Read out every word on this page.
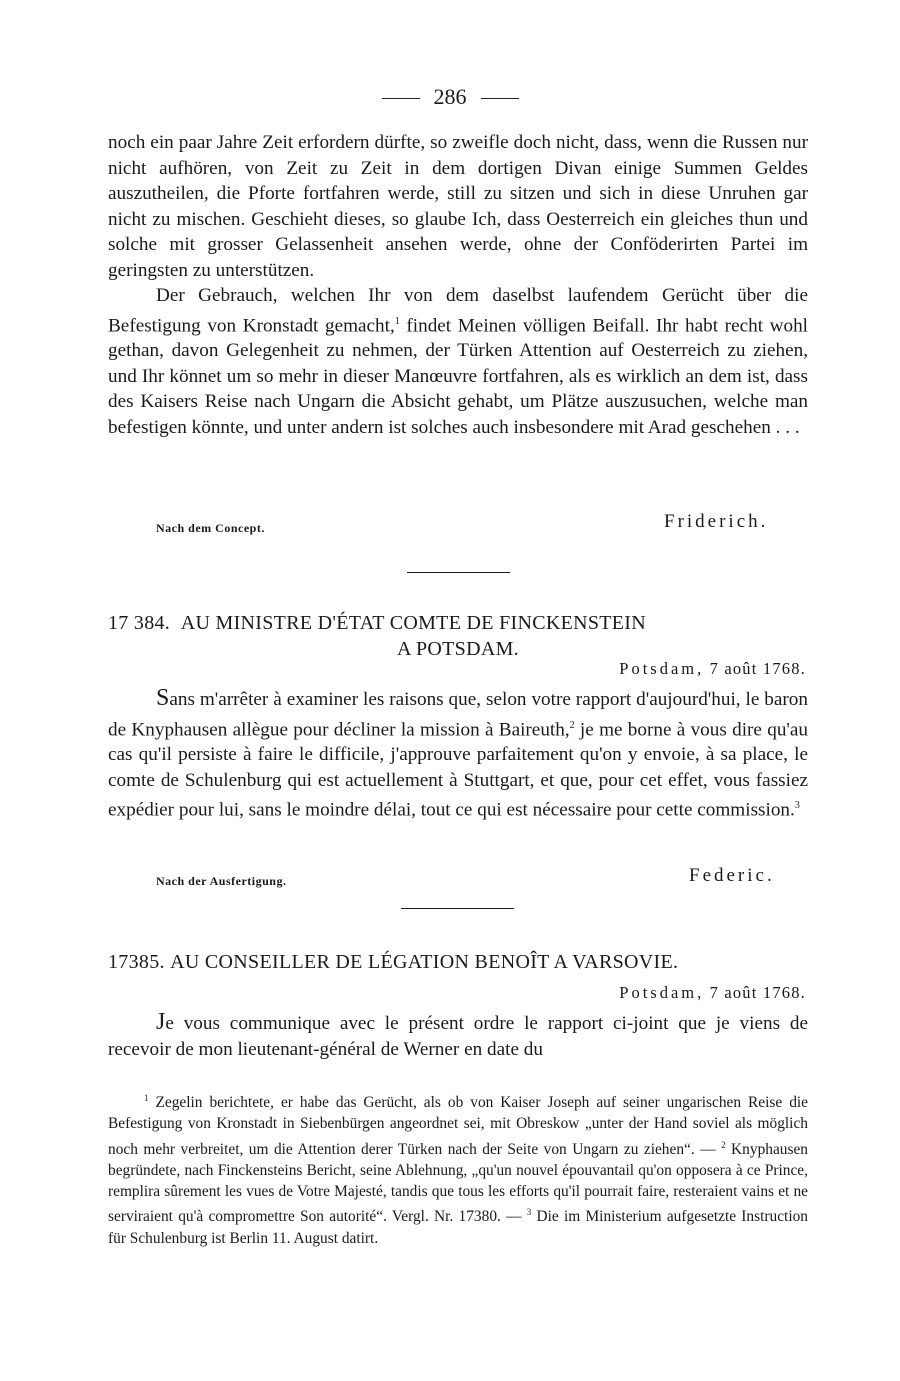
286

noch ein paar Jahre Zeit erfordern dürfte, so zweifle doch nicht, dass, wenn die Russen nur nicht aufhören, von Zeit zu Zeit in dem dortigen Divan einige Summen Geldes auszutheilen, die Pforte fortfahren werde, still zu sitzen und sich in diese Unruhen gar nicht zu mischen. Geschieht dieses, so glaube Ich, dass Oesterreich ein gleiches thun und solche mit grosser Gelassenheit ansehen werde, ohne der Conföderirten Partei im geringsten zu unterstützen.

Der Gebrauch, welchen Ihr von dem daselbst laufendem Gerücht über die Befestigung von Kronstadt gemacht,$^1$ findet Meinen völligen Beifall. Ihr habt recht wohl gethan, davon Gelegenheit zu nehmen, der Türken Attention auf Oesterreich zu ziehen, und Ihr könnet um so mehr in dieser Manœuvre fortfahren, als es wirklich an dem ist, dass des Kaisers Reise nach Ungarn die Absicht gehabt, um Plätze auszusuchen, welche man befestigen könnte, und unter andern ist solches auch insbesondere mit Arad geschehen . . .

Nach dem Concept.	Friderich.
17 384. AU MINISTRE D'ÉTAT COMTE DE FINCKENSTEIN
A POTSDAM.
Potsdam, 7 août 1768.

Sans m'arrêter à examiner les raisons que, selon votre rapport d'aujourd'hui, le baron de Knyphausen allègue pour décliner la mission à Baireuth,$^2$ je me borne à vous dire qu'au cas qu'il persiste à faire le difficile, j'approuve parfaitement qu'on y envoie, à sa place, le comte de Schulenburg qui est actuellement à Stuttgart, et que, pour cet effet, vous fassiez expédier pour lui, sans le moindre délai, tout ce qui est nécessaire pour cette commission.$^3$

Nach der Ausfertigung.	Federic.
17385. AU CONSEILLER DE LÉGATION BENOÎT A VARSOVIE.
Potsdam, 7 août 1768.

Je vous communique avec le présent ordre le rapport ci-joint que je viens de recevoir de mon lieutenant-général de Werner en date du

$^1$ Zegelin berichtete, er habe das Gerücht, als ob von Kaiser Joseph auf seiner ungarischen Reise die Befestigung von Kronstadt in Siebenbürgen angeordnet sei, mit Obreskow „unter der Hand soviel als möglich noch mehr verbreitet, um die Attention derer Türken nach der Seite von Ungarn zu ziehen“. — $^2$ Knyphausen begründete, nach Finckensteins Bericht, seine Ablehnung, „qu'un nouvel épouvantail qu'on opposera à ce Prince, remplira sûrement les vues de Votre Majesté, tandis que tous les efforts qu'il pourrait faire, resteraient vains et ne serviraient qu'à compromettre Son autorité“. Vergl. Nr. 17380. — $^3$ Die im Ministerium aufgesetzte Instruction für Schulenburg ist Berlin 11. August datirt.
